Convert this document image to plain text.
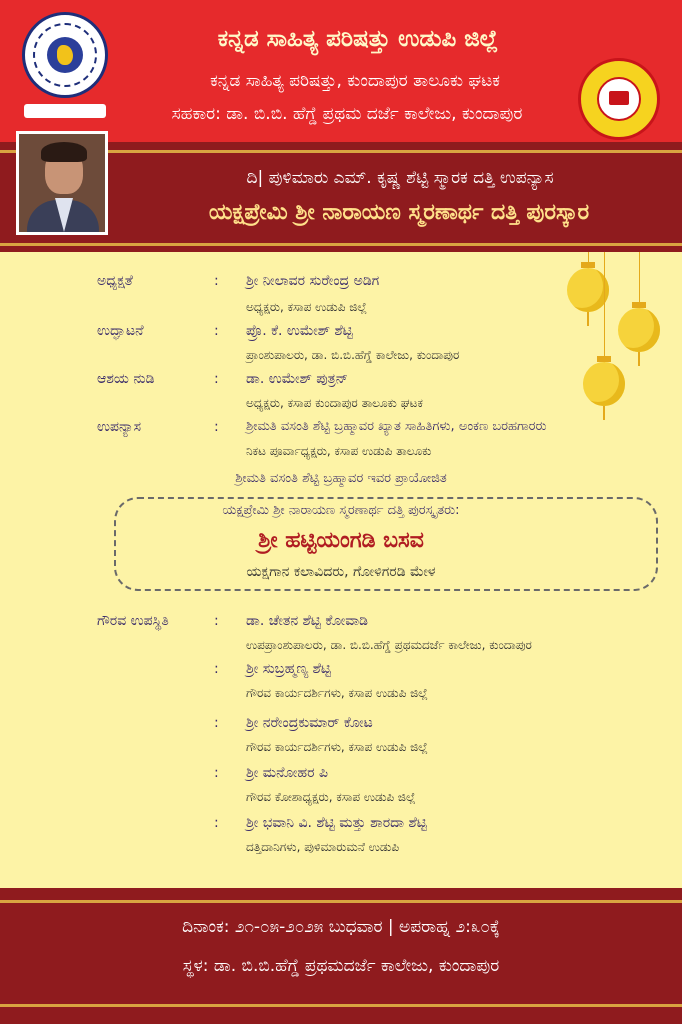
ಕನ್ನಡ ಸಾಹಿತ್ಯ ಪರಿಷತ್ತು ಉಡುಪಿ ಜಿಲ್ಲೆ
ಕನ್ನಡ ಸಾಹಿತ್ಯ ಪರಿಷತ್ತು, ಕುಂದಾಪುರ ತಾಲೂಕು ಘಟಕ
ಸಹಕಾರ: ಡಾ. ಬಿ.ಬಿ. ಹೆಗ್ಡೆ ಪ್ರಥಮ ದರ್ಜೆ ಕಾಲೇಜು, ಕುಂದಾಪುರ
ದಿ| ಪುಳಿಮಾರು ಎಮ್. ಕೃಷ್ಣ ಶೆಟ್ಟಿ ಸ್ಮಾರಕ ದತ್ತಿ ಉಪನ್ಯಾಸ
ಯಕ್ಷಪ್ರೇಮಿ ಶ್ರೀ ನಾರಾಯಣ ಸ್ಮರಣಾರ್ಥ ದತ್ತಿ ಪುರಸ್ಕಾರ
ಅಧ್ಯಕ್ಷತೆ	: ಶ್ರೀ ನೀಲಾವರ ಸುರೇಂದ್ರ ಅಡಿಗ
ಅಧ್ಯಕ್ಷರು, ಕಸಾಪ ಉಡುಪಿ ಜಿಲ್ಲೆ
ಉದ್ಘಾಟನೆ	: ಪ್ರೊ. ಕೆ. ಉಮೇಶ್ ಶೆಟ್ಟಿ
ಪ್ರಾಂಶುಪಾಲರು, ಡಾ. ಬಿ.ಬಿ.ಹೆಗ್ಡೆ ಕಾಲೇಜು, ಕುಂದಾಪುರ
ಆಶಯ ನುಡಿ	: ಡಾ. ಉಮೇಶ್ ಪುತ್ರನ್
ಅಧ್ಯಕ್ಷರು, ಕಸಾಪ ಕುಂದಾಪುರ ತಾಲೂಕು ಘಟಕ
ಉಪನ್ಯಾಸ	: ಶ್ರೀಮತಿ ವಸಂತಿ ಶೆಟ್ಟಿ ಬ್ರಹ್ಮಾವರ ಖ್ಯಾತ ಸಾಹಿತಿಗಳು, ಅಂಕಣ ಬರಹಗಾರರು
ನಿಕಟ ಪೂರ್ವಾಧ್ಯಕ್ಷರು, ಕಸಾಪ ಉಡುಪಿ ತಾಲೂಕು
ಶ್ರೀಮತಿ ವಸಂತಿ ಶೆಟ್ಟಿ ಬ್ರಹ್ಮಾವರ ಇವರ ಪ್ರಾಯೋಜಿತ
ಯಕ್ಷಪ್ರೇಮಿ ಶ್ರೀ ನಾರಾಯಣ ಸ್ಮರಣಾರ್ಥ ದತ್ತಿ ಪುರಸ್ಕೃತರು:
ಶ್ರೀ ಹಟ್ಟಿಯಂಗಡಿ ಬಸವ
ಯಕ್ಷಗಾನ ಕಲಾವಿದರು, ಗೋಳಿಗರಡಿ ಮೇಳ
ಗೌರವ ಉಪಸ್ಥಿತಿ	: ಡಾ. ಚೇತನ ಶೆಟ್ಟಿ ಕೋವಾಡಿ
ಉಪಪ್ರಾಂಶುಪಾಲರು, ಡಾ. ಬಿ.ಬಿ.ಹೆಗ್ಡೆ ಪ್ರಥಮದರ್ಜೆ ಕಾಲೇಜು, ಕುಂದಾಪುರ
: ಶ್ರೀ ಸುಬ್ರಹ್ಮಣ್ಯ ಶೆಟ್ಟಿ
ಗೌರವ ಕಾರ್ಯದರ್ಶಿಗಳು, ಕಸಾಪ ಉಡುಪಿ ಜಿಲ್ಲೆ
: ಶ್ರೀ ನರೇಂದ್ರಕುಮಾರ್ ಕೋಟ
ಗೌರವ ಕಾರ್ಯದರ್ಶಿಗಳು, ಕಸಾಪ ಉಡುಪಿ ಜಿಲ್ಲೆ
: ಶ್ರೀ ಮನೋಹರ ಪಿ
ಗೌರವ ಕೋಶಾಧ್ಯಕ್ಷರು, ಕಸಾಪ ಉಡುಪಿ ಜಿಲ್ಲೆ
: ಶ್ರೀ ಭವಾನಿ ವಿ. ಶೆಟ್ಟಿ ಮತ್ತು ಶಾರದಾ ಶೆಟ್ಟಿ
ದತ್ತಿದಾನಿಗಳು, ಪುಳಿಮಾರುಮನೆ ಉಡುಪಿ
ದಿನಾಂಕ: ೨೧-೦೫-೨೦೨೫ ಬುಧವಾರ | ಅಪರಾಹ್ನ ೨:೩೦ಕ್ಕೆ
ಸ್ಥಳ: ಡಾ. ಬಿ.ಬಿ.ಹೆಗ್ಡೆ ಪ್ರಥಮದರ್ಜೆ ಕಾಲೇಜು, ಕುಂದಾಪುರ
